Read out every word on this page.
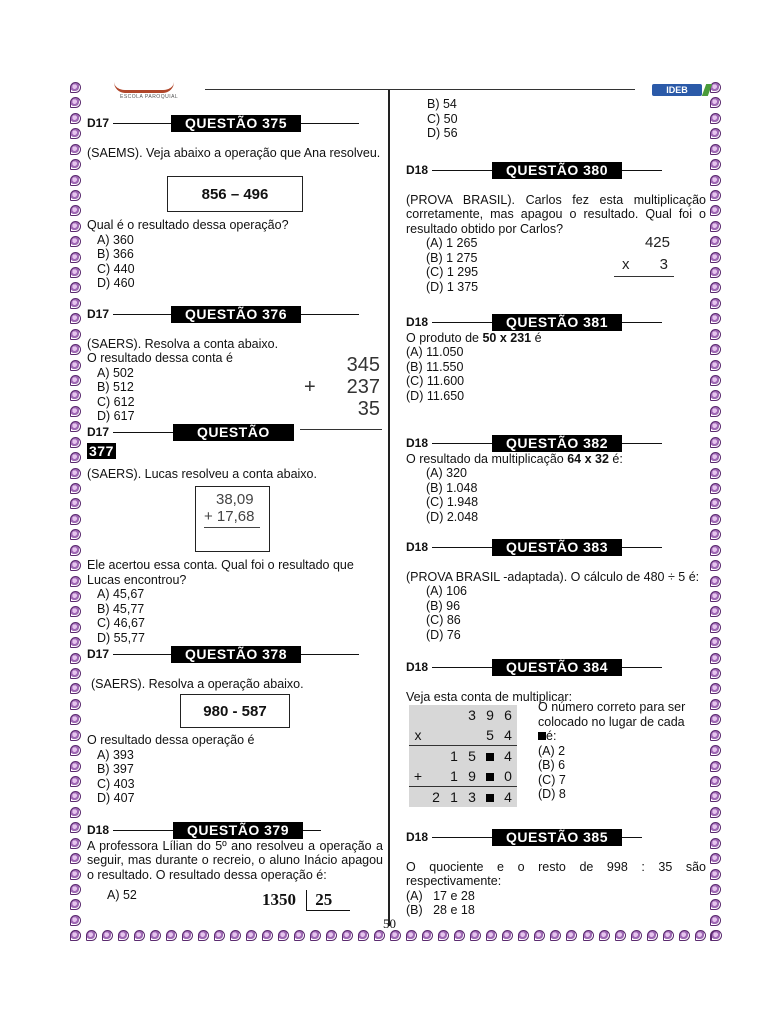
ESCOLA PAROQUIAL
IDEB
D17	QUESTÃO 375
(SAEMS). Veja abaixo a operação que Ana resolveu.
856 – 496
Qual é o resultado dessa operação?
A) 360
B) 366
C) 440
D) 460
D17	QUESTÃO 376
(SAERS). Resolva a conta abaixo.
O resultado dessa conta é
A) 502
B) 512
C) 612
D) 617
345
+ 237
35
D17	QUESTÃO
377
(SAERS). Lucas resolveu a conta abaixo.
38,09
+ 17,68
Ele acertou essa conta. Qual foi o resultado que Lucas encontrou?
A) 45,67
B) 45,77
C) 46,67
D) 55,77
D17	QUESTÃO 378
(SAERS). Resolva a operação abaixo.
980 - 587
O resultado dessa operação é
A) 393
B) 397
C) 403
D) 407
D18	QUESTÃO 379
A professora Lílian do 5º ano resolveu a operação a seguir, mas durante o recreio, o aluno Inácio apagou o resultado. O resultado dessa operação é:
A) 52	1350 25
B) 54
C) 50
D) 56
D18	QUESTÃO 380
(PROVA BRASIL). Carlos fez esta multiplicação corretamente, mas apagou o resultado. Qual foi o resultado obtido por Carlos?
(A) 1 265
(B) 1 275
(C) 1 295
(D) 1 375
425
x 3
D18	QUESTÃO 381
O produto de 50 x 231 é
(A) 11.050
(B) 11.550
(C) 11.600
(D) 11.650
D18	QUESTÃO 382
O resultado da multiplicação 64 x 32 é:
(A) 320
(B) 1.048
(C) 1.948
(D) 2.048
D18	QUESTÃO 383
(PROVA BRASIL -adaptada). O cálculo de 480 ÷ 5 é:
(A) 106
(B) 96
(C) 86
(D) 76
D18	QUESTÃO 384
Veja esta conta de multiplicar:
			3	9	6
x				5	4
		1	5		4
+		1	9		0
	2	1	3		4
O número correto para ser colocado no lugar de cada
é:
(A) 2
(B) 6
(C) 7
(D) 8
D18	QUESTÃO 385
O quociente e o resto de 998 : 35 são respectivamente:
(A)   17 e 28
(B)   28 e 18
50
